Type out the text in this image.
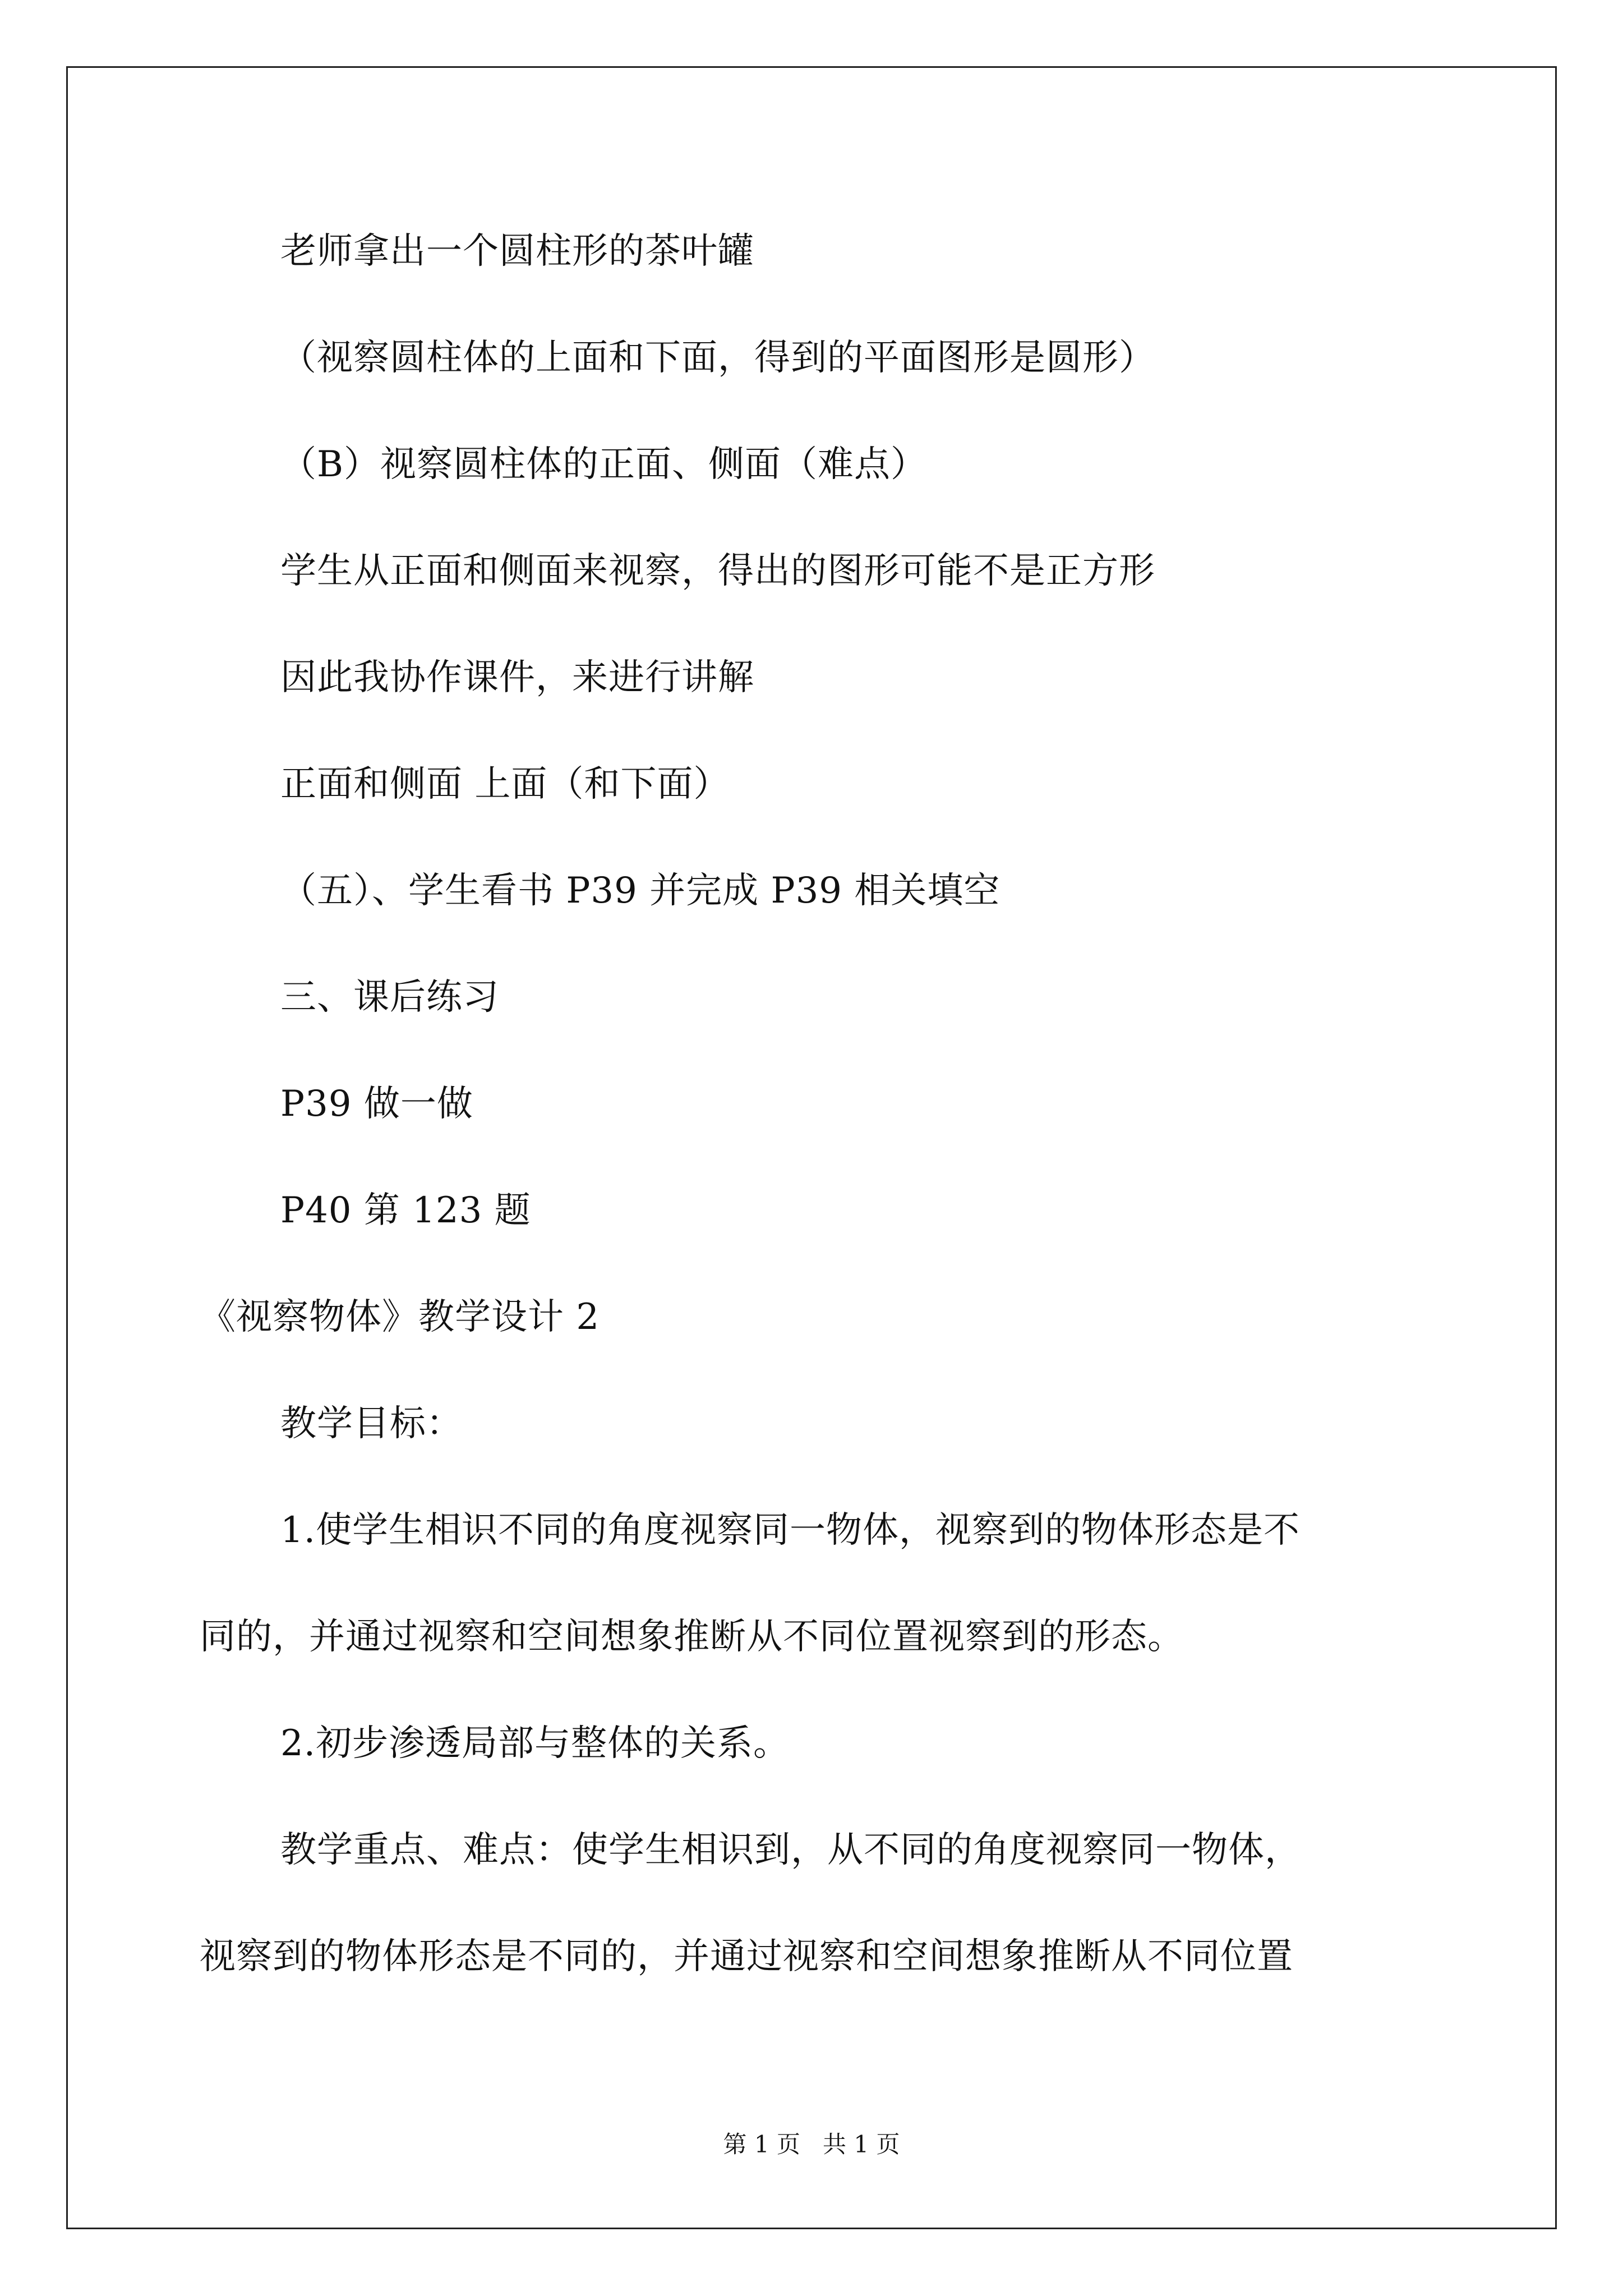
老师拿出一个圆柱形的茶叶罐
（视察圆柱体的上面和下面，得到的平面图形是圆形）
（B）视察圆柱体的正面、侧面（难点）
学生从正面和侧面来视察，得出的图形可能不是正方形
因此我协作课件，来进行讲解
正面和侧面 上面（和下面）
（五）、学生看书 P39 并完成 P39 相关填空
三、课后练习
P39 做一做
P40 第 123 题
《视察物体》教学设计 2
教学目标：
1.使学生相识不同的角度视察同一物体，视察到的物体形态是不
同的，并通过视察和空间想象推断从不同位置视察到的形态。
2.初步渗透局部与整体的关系。
教学重点、难点：使学生相识到，从不同的角度视察同一物体，
视察到的物体形态是不同的，并通过视察和空间想象推断从不同位置
第 1 页   共 1 页
